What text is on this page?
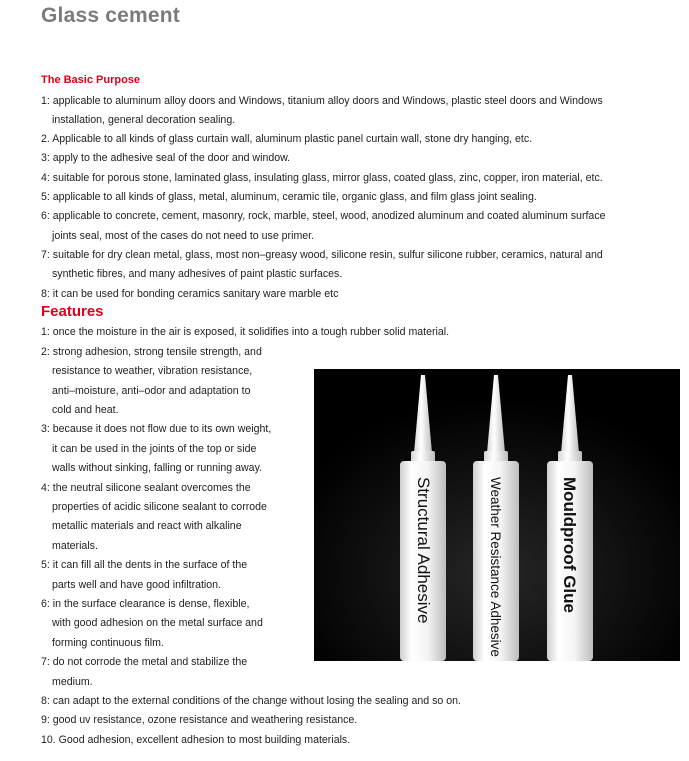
Glass cement
The Basic Purpose
1: applicable to aluminum alloy doors and Windows, titanium alloy doors and Windows, plastic steel doors and Windows
installation, general decoration sealing.
2. Applicable to all kinds of glass curtain wall, aluminum plastic panel curtain wall, stone dry hanging, etc.
3: apply to the adhesive seal of the door and window.
4: suitable for porous stone, laminated glass, insulating glass, mirror glass, coated glass, zinc, copper, iron material, etc.
5: applicable to all kinds of glass, metal, aluminum, ceramic tile, organic glass, and film glass joint sealing.
6: applicable to concrete, cement, masonry, rock, marble, steel, wood, anodized aluminum and coated aluminum surface
joints seal, most of the cases do not need to use primer.
7: suitable for dry clean metal, glass, most non–greasy wood, silicone resin, sulfur silicone rubber, ceramics, natural and
synthetic fibres, and many adhesives of paint plastic surfaces.
8: it can be used for bonding ceramics sanitary ware marble etc
Features
1: once the moisture in the air is exposed, it solidifies into a tough rubber solid material.
2: strong adhesion, strong tensile strength, and
resistance to weather, vibration resistance,
anti–moisture, anti–odor and adaptation to
cold and heat.
3: because it does not flow due to its own weight,
it can be used in the joints of the top or side
walls without sinking, falling or running away.
4: the neutral silicone sealant overcomes the
properties of acidic silicone sealant to corrode
metallic materials and react with alkaline
materials.
5: it can fill all the dents in the surface of the
parts well and have good infiltration.
6: in the surface clearance is dense, flexible,
with good adhesion on the metal surface and
forming continuous film.
7: do not corrode the metal and stabilize the
medium.
8: can adapt to the external conditions of the change without losing the sealing and so on.
9: good uv resistance, ozone resistance and weathering resistance.
10. Good adhesion, excellent adhesion to most building materials.
Structural Adhesive	Weather Resistance Adhesive	Mouldproof Glue
